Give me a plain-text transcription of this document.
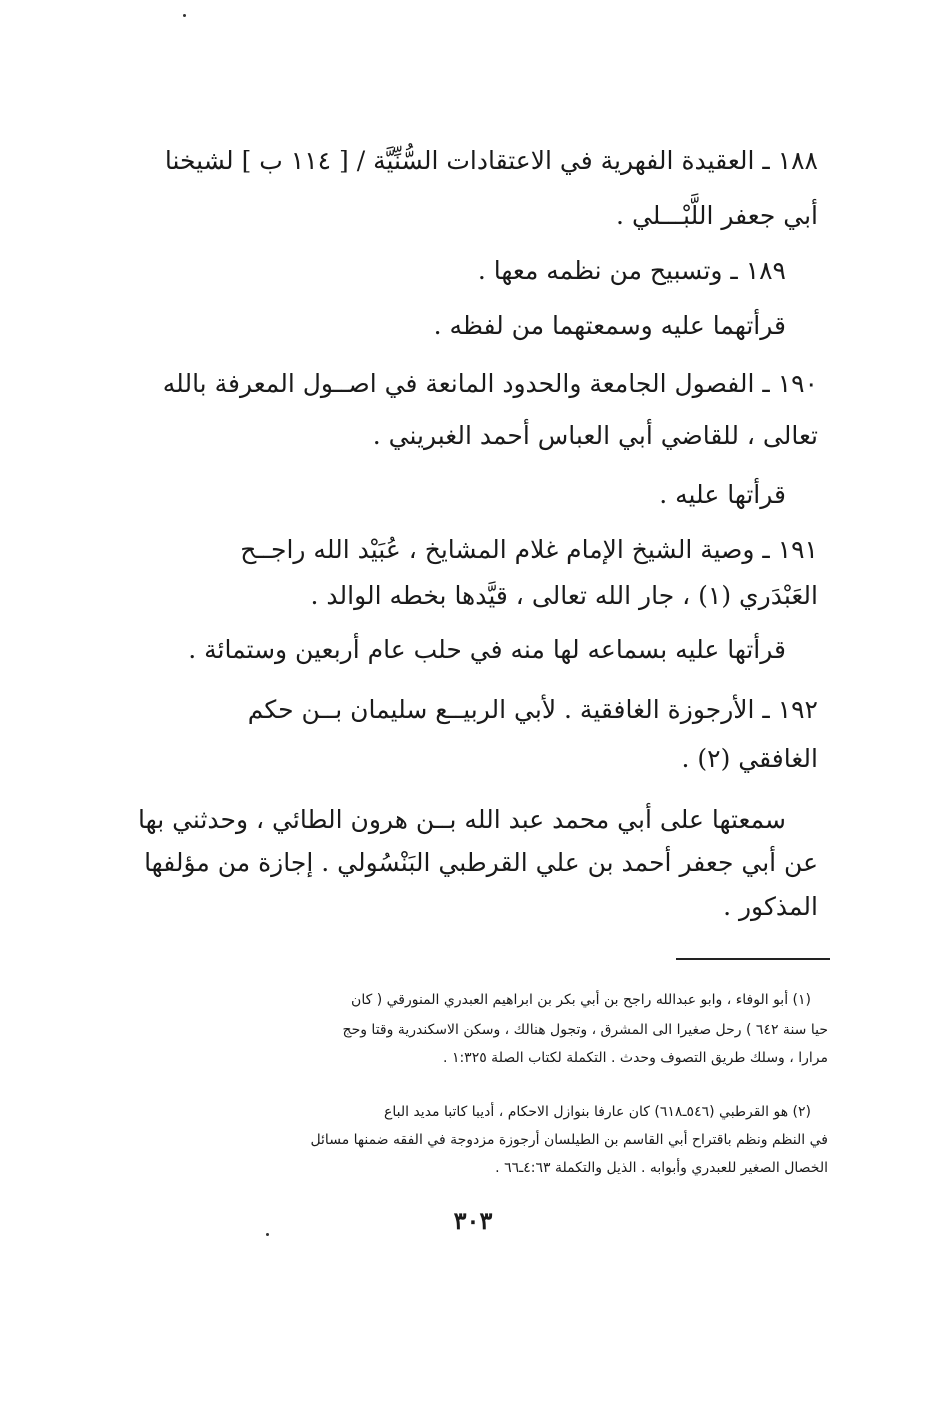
١٨٨ ـ العقيدة الفهرية في الاعتقادات السُّنِّيَّة / [ ١١٤ ب ] لشيخنا
أبي جعفر اللَّبْـــلي .
١٨٩ ـ وتسبيح من نظمه معها .
قرأتهما عليه وسمعتهما من لفظه .
١٩٠ ـ الفصول الجامعة والحدود المانعة في اصــول المعرفة بالله
تعالى ، للقاضي أبي العباس أحمد الغبريني .
قرأتها عليه .
١٩١ ـ وصية الشيخ الإمام غلام المشايخ ، عُبَيْد الله راجــح
العَبْدَري (١) ، جار الله تعالى ، قيَّدها بخطه الوالد .
قرأتها عليه بسماعه لها منه في حلب عام أربعين وستمائة .
١٩٢ ـ الأرجوزة الغافقية . لأبي الربيــع سليمان بــن حكم
الغافقي (٢) .
سمعتها على أبي محمد عبد الله بــن هرون الطائي ، وحدثني بها
عن أبي جعفر أحمد بن علي القرطبي البَنْسُولي . إجازة من مؤلفها
المذكور .
(١) أبو الوفاء ، وابو عبدالله راجح بن أبي بكر بن ابراهيم العبدري المنورقي ( كان
حيا سنة ٦٤٢ ) رحل صغيرا الى المشرق ، وتجول هنالك ، وسكن الاسكندرية وقتا وحج
مرارا ، وسلك طريق التصوف وحدث . التكملة لكتاب الصلة ١:٣٢٥ .
(٢) هو القرطبي (٥٤٦ـ٦١٨) كان عارفا بنوازل الاحكام ، أديبا كاتبا مديد الباع
في النظم ونظم باقتراح أبي القاسم بن الطيلسان أرجوزة مزدوجة في الفقه ضمنها مسائل
الخصال الصغير للعبدري وأبوابه . الذيل والتكملة ٤:٦٣ـ٦٦ .
٣٠٣
